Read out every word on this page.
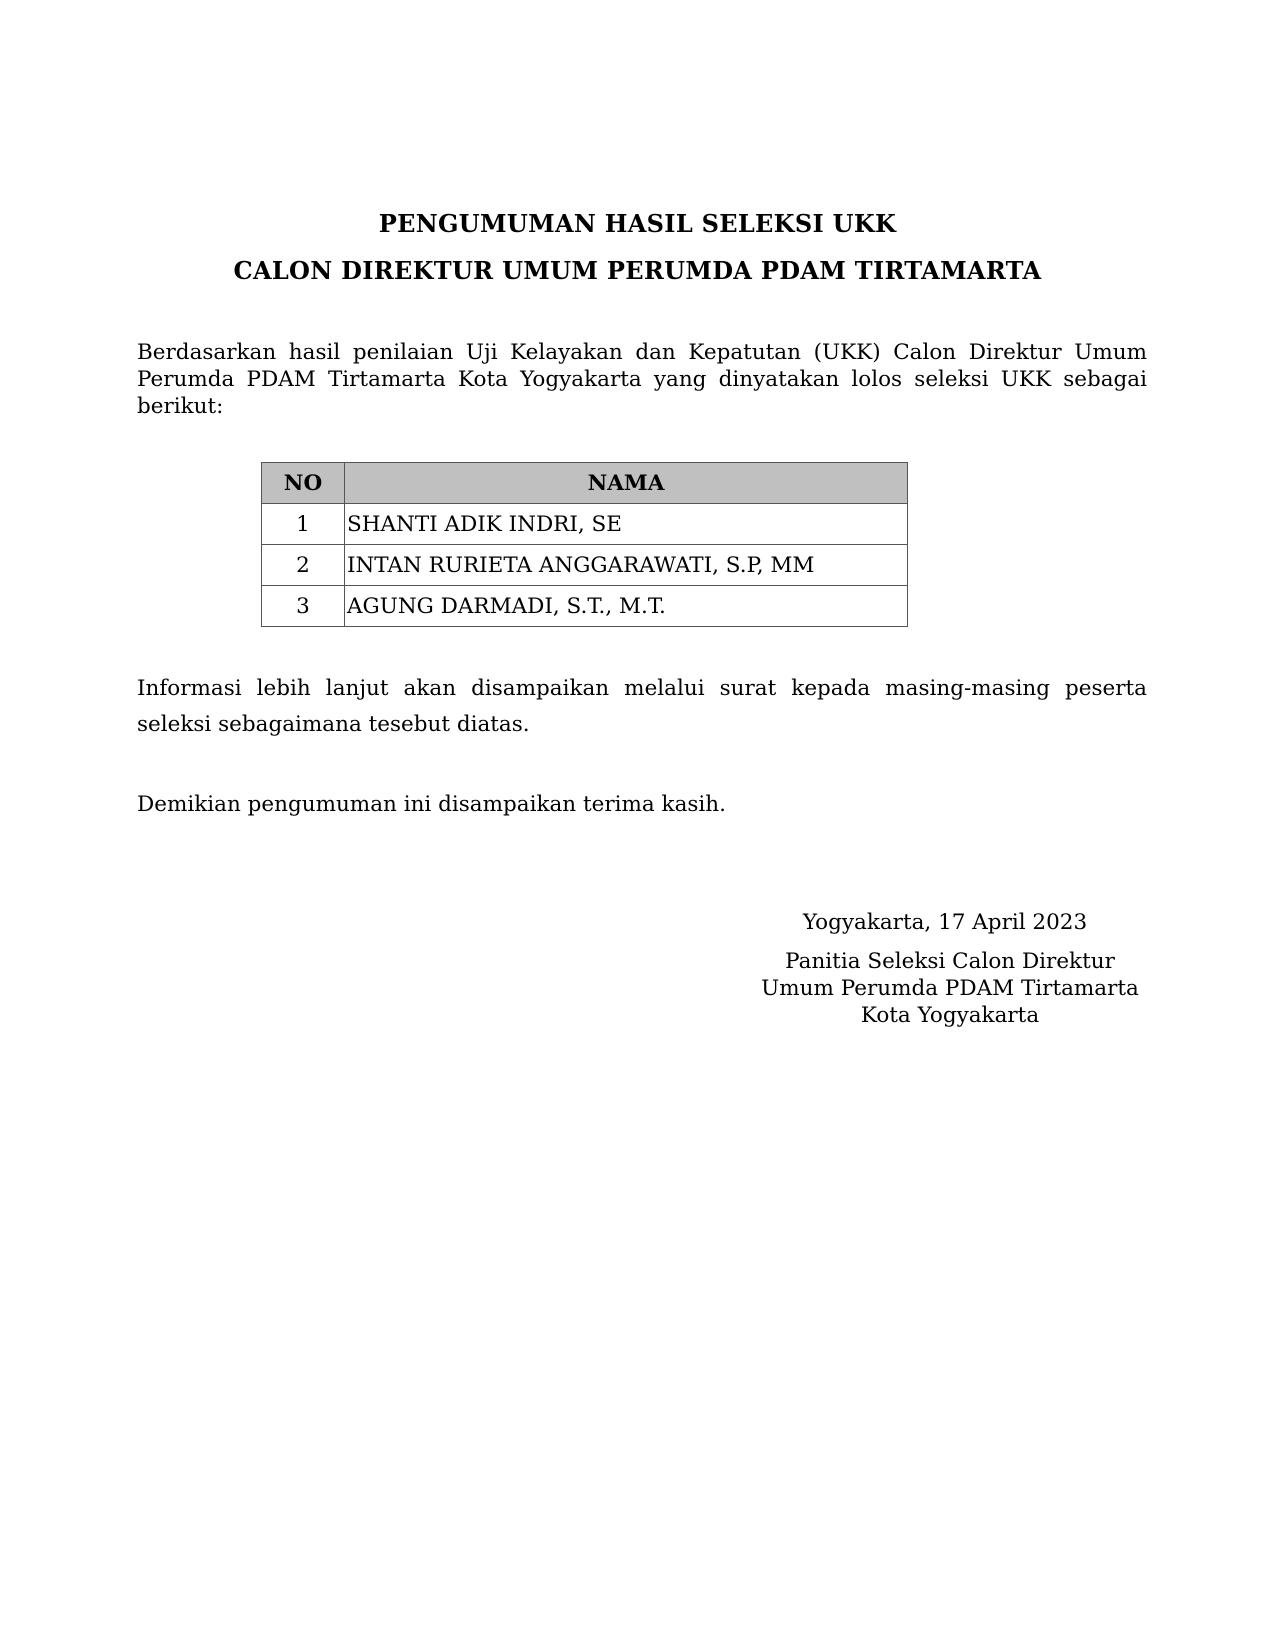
PENGUMUMAN HASIL SELEKSI UKK
CALON DIREKTUR UMUM PERUMDA PDAM TIRTAMARTA
Berdasarkan hasil penilaian Uji Kelayakan dan Kepatutan (UKK) Calon Direktur Umum Perumda PDAM Tirtamarta Kota Yogyakarta yang dinyatakan lolos seleksi UKK sebagai berikut:
NO	NAMA
1	SHANTI ADIK INDRI, SE
2	INTAN RURIETA ANGGARAWATI, S.P, MM
3	AGUNG DARMADI, S.T., M.T.
Informasi lebih lanjut akan disampaikan melalui surat kepada masing-masing peserta seleksi sebagaimana tesebut diatas.
Demikian pengumuman ini disampaikan terima kasih.
Yogyakarta, 17 April 2023
Panitia Seleksi Calon Direktur
Umum Perumda PDAM Tirtamarta
Kota Yogyakarta
